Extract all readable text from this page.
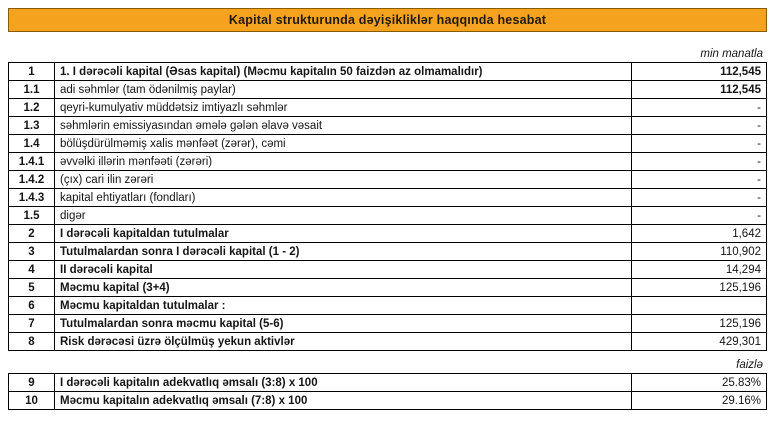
Kapital strukturunda dəyişikliklər haqqında hesabat
min manatla
1	1. I dərəcəli kapital (Əsas kapital) (Məcmu kapitalın 50 faizdən az olmamalıdır)	112,545
1.1	adi səhmlər (tam ödənilmiş paylar)	112,545
1.2	qeyri-kumulyativ müddətsiz imtiyazlı səhmlər	-
1.3	səhmlərin emissiyasından əmələ gələn əlavə vəsait	-
1.4	bölüşdürülməmiş xalis mənfəət (zərər), cəmi	-
1.4.1	əvvəlki illərin mənfəəti (zərəri)	-
1.4.2	(çıx) cari ilin zərəri	-
1.4.3	kapital ehtiyatları (fondları)	-
1.5	digər	-
2	I dərəcəli kapitaldan tutulmalar	1,642
3	Tutulmalardan sonra I dərəcəli kapital (1 - 2)	110,902
4	II dərəcəli kapital	14,294
5	Məcmu kapital (3+4)	125,196
6	Məcmu kapitaldan tutulmalar :	
7	Tutulmalardan sonra məcmu kapital (5-6)	125,196
8	Risk dərəcəsi üzrə ölçülmüş yekun aktivlər	429,301
faizlə
9	I dərəcəli kapitalın adekvatlıq əmsalı (3:8) x 100	25.83%
10	Məcmu kapitalın adekvatlıq əmsalı (7:8) x 100	29.16%
